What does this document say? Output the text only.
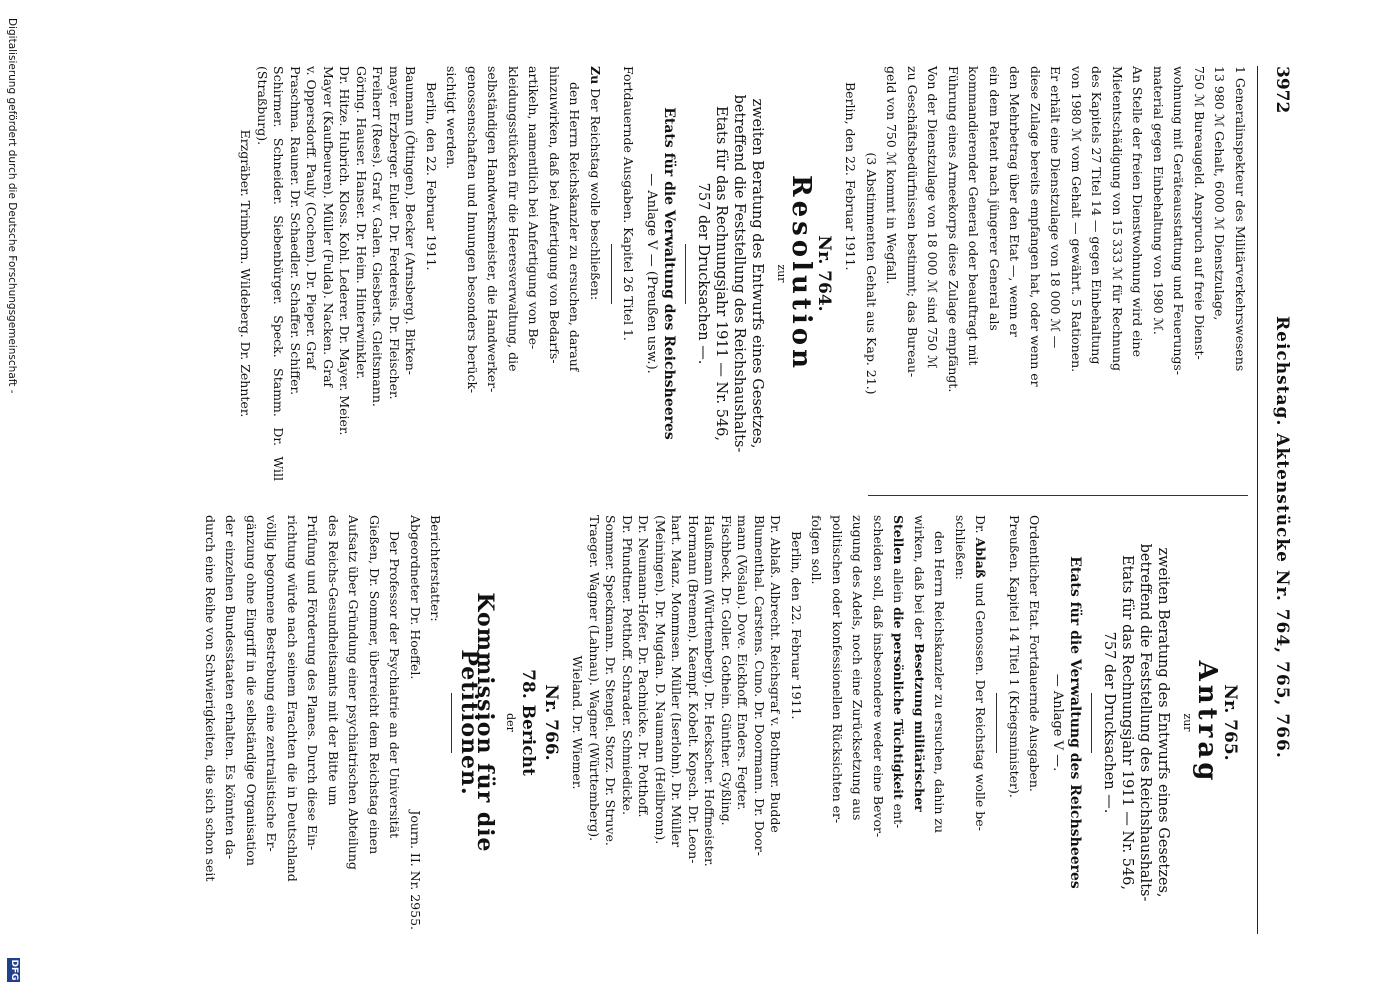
3972
Reichstag. Aktenstücke Nr. 764, 765, 766.
1 Generalinspekteur des Militärverkehrswesens
13 980 ℳ Gehalt, 6000 ℳ Dienstzulage,
750 ℳ Bureaugeld. Anspruch auf freie Dienst-
wohnung mit Geräteausstattung und Feuerungs-
material gegen Einbehaltung von 1980 ℳ.
An Stelle der freien Dienstwohnung wird eine
Mietentschädigung von 15 333 ℳ für Rechnung
des Kapitels 27 Titel 14 — gegen Einbehaltung
von 1980 ℳ vom Gehalt — gewährt. 5 Rationen.
Er erhält eine Dienstzulage von 18 000 ℳ —
diese Zulage bereits empfangen hat, oder wenn er
den Mehrbetrag über den Etat —, wenn er
ein dem Patent nach jüngerer General als
kommandierender General oder beauftragt mit
Führung eines Armeekorps diese Zulage empfängt.
Von der Dienstzulage von 18 000 ℳ sind 750 ℳ
zu Geschäftsbedürfnissen bestimmt; das Bureau-
geld von 750 ℳ kommt in Wegfall.
(3 Abstimmenten Gehalt aus Kap. 21.)
Berlin, den 22. Februar 1911.
Nr. 764.
Resolution
zur
zweiten Beratung des Entwurfs eines Gesetzes,
betreffend die Feststellung des Reichshaushalts-
Etats für das Rechnungsjahr 1911 — Nr. 546,
757 der Drucksachen —.
Etats für die Verwaltung des Reichsheeres
— Anlage V — (Preußen usw.).
Fortdauernde Ausgaben. Kapitel 26 Titel 1.
Zu Der Reichstag wolle beschließen:
den Herrn Reichskanzler zu ersuchen, darauf
hinzuwirken, daß bei Anfertigung von Bedarfs-
artikeln, namentlich bei Anfertigung von Be-
kleidungsstücken für die Heeresverwaltung, die
selbständigen Handwerksmeister, die Handwerker-
genossenschaften und Innungen besonders berück-
sichtigt werden.
Berlin, den 22. Februar 1911.
Baumann (Öttingen). Becker (Arnsberg). Birken-
mayer. Erzberger. Euler. Dr. Ferdereis. Dr. Fleischer.
Freiherr (Rees). Graf v. Galen. Giesberts. Gleitsmann.
Göring. Hauser. Hanser. Dr. Heim. Hinterwinkler.
Dr. Hitze. Hubrich. Kloss. Kohl. Lederer. Dr. Mayer. Meier.
Mayer (Kaufbeuren). Müller (Fulda). Nacken. Graf
v. Oppersdorff. Pauly (Cochem). Dr. Pieper. Graf
Praschma. Rauner. Dr. Schaedler. Schaffer. Schiffer.
Schirmer. Schneider. Siebenbürger. Speck. Stamm. Dr. Will (Straßburg).
Erzgräber. Trimborn. Wildeberg. Dr. Zehnter.
Nr. 765.
Antrag
zur
zweiten Beratung des Entwurfs eines Gesetzes,
betreffend die Feststellung des Reichshaushalts-
Etats für das Rechnungsjahr 1911 — Nr. 546,
757 der Drucksachen —.
Etats für die Verwaltung des Reichsheeres
— Anlage V —.
Ordentlicher Etat. Fortdauernde Ausgaben.
Preußen. Kapitel 14 Titel 1 (Kriegsminister).
Dr. Ablaß und Genossen. Der Reichstag wolle be-
schließen:
den Herrn Reichskanzler zu ersuchen, dahin zu
wirken, daß bei der Besetzung militärischer
Stellen allein die persönliche Tüchtigkeit ent-
scheiden soll, daß insbesondere weder eine Bevor-
zugung des Adels, noch eine Zurücksetzung aus
politischen oder konfessionellen Rücksichten er-
folgen soll.
Berlin, den 22. Februar 1911.
Dr. Ablaß. Albrecht. Reichsgraf v. Bothmer. Budde
Blumenthal. Carstens. Cuno. Dr. Doormann. Dr. Door-
mann (Vöslau). Dove. Eickhoff. Enders. Fegter.
Fischbeck. Dr. Goller. Gothein. Günther. Gyßling.
Haußmann (Württemberg). Dr. Heckscher. Hoffmeister.
Hormann (Bremen). Kaempf. Kobelt. Kopsch. Dr. Leon-
hart. Manz. Mommsen. Müller (Iserlohn). Dr. Müller
(Meiningen). Dr. Mugdan. D. Naumann (Heilbronn).
Dr. Neumann-Hofer. Dr. Pachnicke. Dr. Potthoff.
Dr. Pfundtner. Potthoff. Schrader. Schmiedicke.
Sommer. Speckmann. Dr. Stengel. Storz. Dr. Struve.
Traeger. Wagner (Lahnau). Wagner (Württemberg).
Wieland. Dr. Wiemer.
Nr. 766.
78. Bericht
der
Kommission für die Petitionen.
Berichterstatter:
Abgeordneter Dr. Hoeffel.
Journ. II. Nr. 2955.
Der Professor der Psychiatrie an der Universität
Gießen, Dr. Sommer, überreicht dem Reichstag einen
Aufsatz über Gründung einer psychiatrischen Abteilung
des Reichs-Gesundheitsamts mit der Bitte um
Prüfung und Förderung des Planes. Durch diese Ein-
richtung würde nach seinem Erachten die in Deutschland
völlig begonnene Bestrebung eine zentralistische Er-
gänzung ohne Eingriff in die selbständige Organisation
der einzelnen Bundesstaaten erhalten. Es könnten da-
durch eine Reihe von Schwierigkeiten, die sich schon seit
Digitalisierung gefördert durch die Deutsche Forschungsgemeinschaft -
DFG
